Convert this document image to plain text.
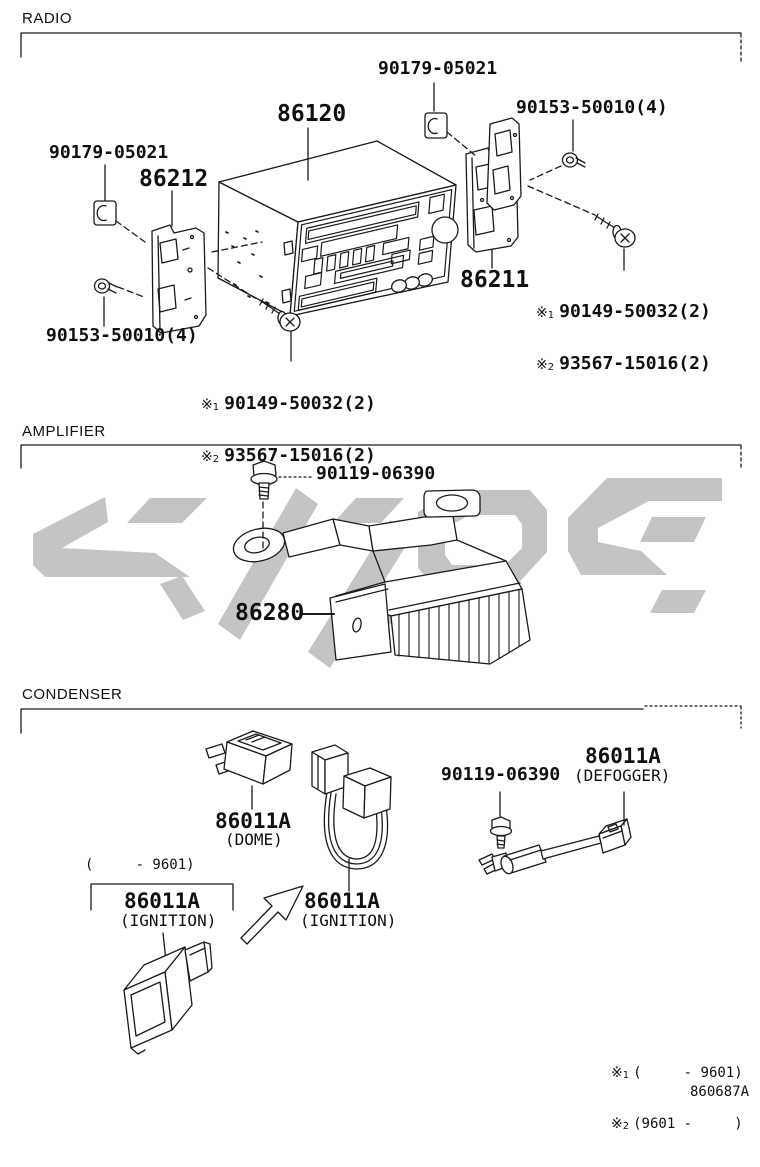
RADIO
AMPLIFIER
CONDENSER
90179-05021
86120	90153-50010(4)
90179-05021
86212
86211
90153-50010(4)

※1 90149-50032(2)

※2 93567-15016(2)

※1 90149-50032(2)

※2 93567-15016(2)

90119-06390
86280
86011A
(DOME)
90119-06390
86011A
(DEFOGGER)
(     - 9601)
86011A
(IGNITION)
86011A
(IGNITION)

※1 (     - 9601)

※2 (9601 -     )

860687A
